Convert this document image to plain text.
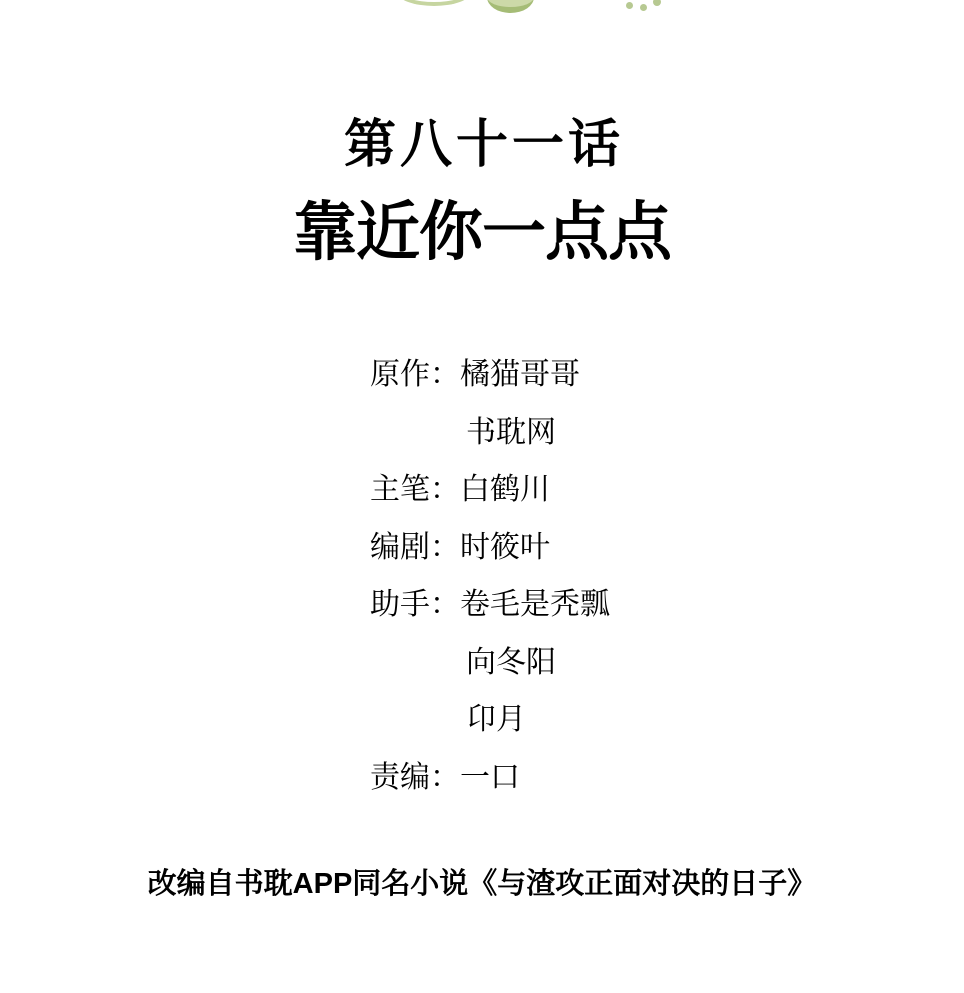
第八十一话
靠近你一点点
原作： 橘猫哥哥
书耽网
主笔： 白鹤川
编剧： 时筱叶
助手： 卷毛是秃瓢
向冬阳
卬月
责编： 一口
改编自书耽APP同名小说《与渣攻正面对决的日子》
